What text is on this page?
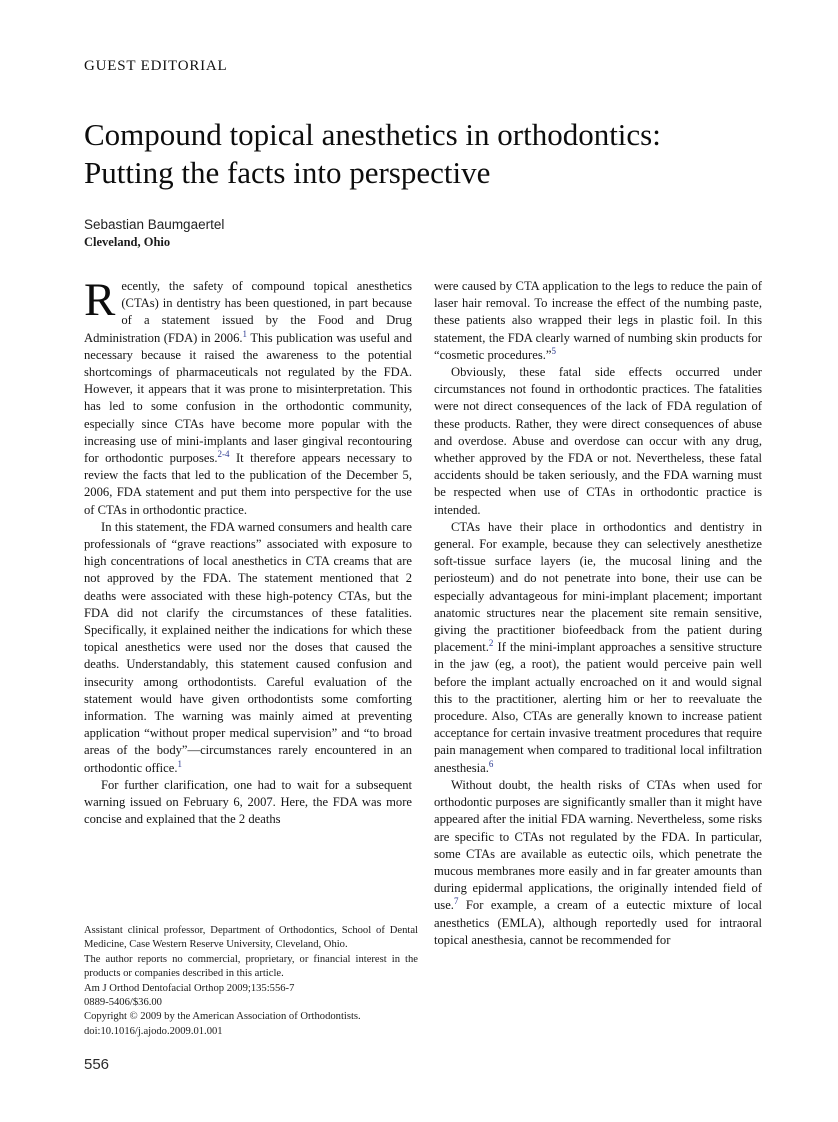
GUEST EDITORIAL
Compound topical anesthetics in orthodontics:
Putting the facts into perspective
Sebastian Baumgaertel
Cleveland, Ohio

Recently, the safety of compound topical anesthetics (CTAs) in dentistry has been questioned, in part because of a statement issued by the Food and Drug Administration (FDA) in 2006.$^1$ This publication was useful and necessary because it raised the awareness to the potential shortcomings of pharmaceuticals not regulated by the FDA. However, it appears that it was prone to misinterpretation. This has led to some confusion in the orthodontic community, especially since CTAs have become more popular with the increasing use of mini-implants and laser gingival recontouring for orthodontic purposes.$^{2-4}$ It therefore appears necessary to review the facts that led to the publication of the December 5, 2006, FDA statement and put them into perspective for the use of CTAs in orthodontic practice.

In this statement, the FDA warned consumers and health care professionals of “grave reactions” associated with exposure to high concentrations of local anesthetics in CTA creams that are not approved by the FDA. The statement mentioned that 2 deaths were associated with these high-potency CTAs, but the FDA did not clarify the circumstances of these fatalities. Specifically, it explained neither the indications for which these topical anesthetics were used nor the doses that caused the deaths. Understandably, this statement caused confusion and insecurity among orthodontists. Careful evaluation of the statement would have given orthodontists some comforting information. The warning was mainly aimed at preventing application “without proper medical supervision” and “to broad areas of the body”—circumstances rarely encountered in an orthodontic office.$^1$

For further clarification, one had to wait for a subsequent warning issued on February 6, 2007. Here, the FDA was more concise and explained that the 2 deaths

were caused by CTA application to the legs to reduce the pain of laser hair removal. To increase the effect of the numbing paste, these patients also wrapped their legs in plastic foil. In this statement, the FDA clearly warned of numbing skin products for “cosmetic procedures.”$^5$

Obviously, these fatal side effects occurred under circumstances not found in orthodontic practices. The fatalities were not direct consequences of the lack of FDA regulation of these products. Rather, they were direct consequences of abuse and overdose. Abuse and overdose can occur with any drug, whether approved by the FDA or not. Nevertheless, these fatal accidents should be taken seriously, and the FDA warning must be respected when use of CTAs in orthodontic practice is intended.

CTAs have their place in orthodontics and dentistry in general. For example, because they can selectively anesthetize soft-tissue surface layers (ie, the mucosal lining and the periosteum) and do not penetrate into bone, their use can be especially advantageous for mini-implant placement; important anatomic structures near the placement site remain sensitive, giving the practitioner biofeedback from the patient during placement.$^2$ If the mini-implant approaches a sensitive structure in the jaw (eg, a root), the patient would perceive pain well before the implant actually encroached on it and would signal this to the practitioner, alerting him or her to reevaluate the procedure. Also, CTAs are generally known to increase patient acceptance for certain invasive treatment procedures that require pain management when compared to traditional local infiltration anesthesia.$^6$

Without doubt, the health risks of CTAs when used for orthodontic purposes are significantly smaller than it might have appeared after the initial FDA warning. Nevertheless, some risks are specific to CTAs not regulated by the FDA. In particular, some CTAs are available as eutectic oils, which penetrate the mucous membranes more easily and in far greater amounts than during epidermal applications, the originally intended field of use.$^7$ For example, a cream of a eutectic mixture of local anesthetics (EMLA), although reportedly used for intraoral topical anesthesia, cannot be recommended for

Assistant clinical professor, Department of Orthodontics, School of Dental Medicine, Case Western Reserve University, Cleveland, Ohio.
The author reports no commercial, proprietary, or financial interest in the products or companies described in this article.
Am J Orthod Dentofacial Orthop 2009;135:556-7
0889-5406/$36.00
Copyright © 2009 by the American Association of Orthodontists.
doi:10.1016/j.ajodo.2009.01.001
556
